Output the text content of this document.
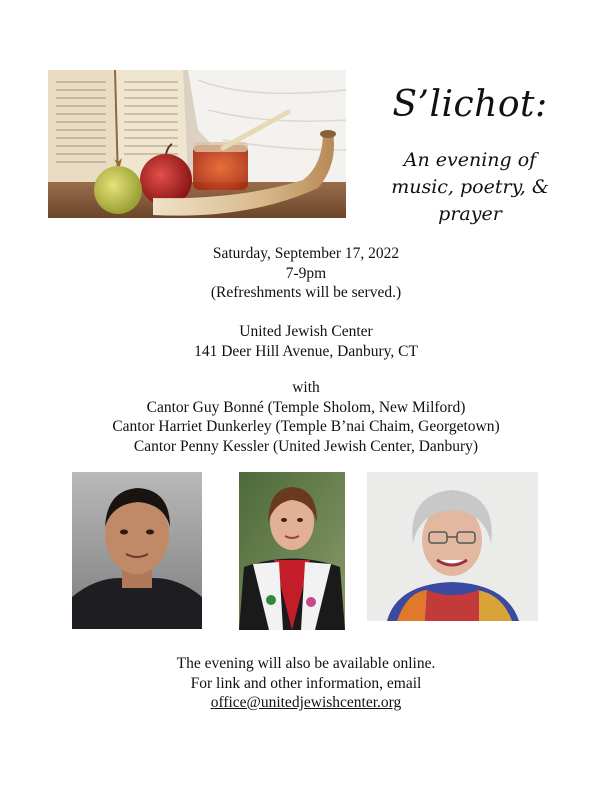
S’lichot:
An evening of
music, poetry, & prayer
Saturday, September 17, 2022
7-9pm
(Refreshments will be served.)
United Jewish Center
141 Deer Hill Avenue, Danbury, CT
with
Cantor Guy Bonné (Temple Sholom, New Milford)
Cantor Harriet Dunkerley (Temple B’nai Chaim, Georgetown)
Cantor Penny Kessler (United Jewish Center, Danbury)
The evening will also be available online.
For link and other information, email
office@unitedjewishcenter.org
